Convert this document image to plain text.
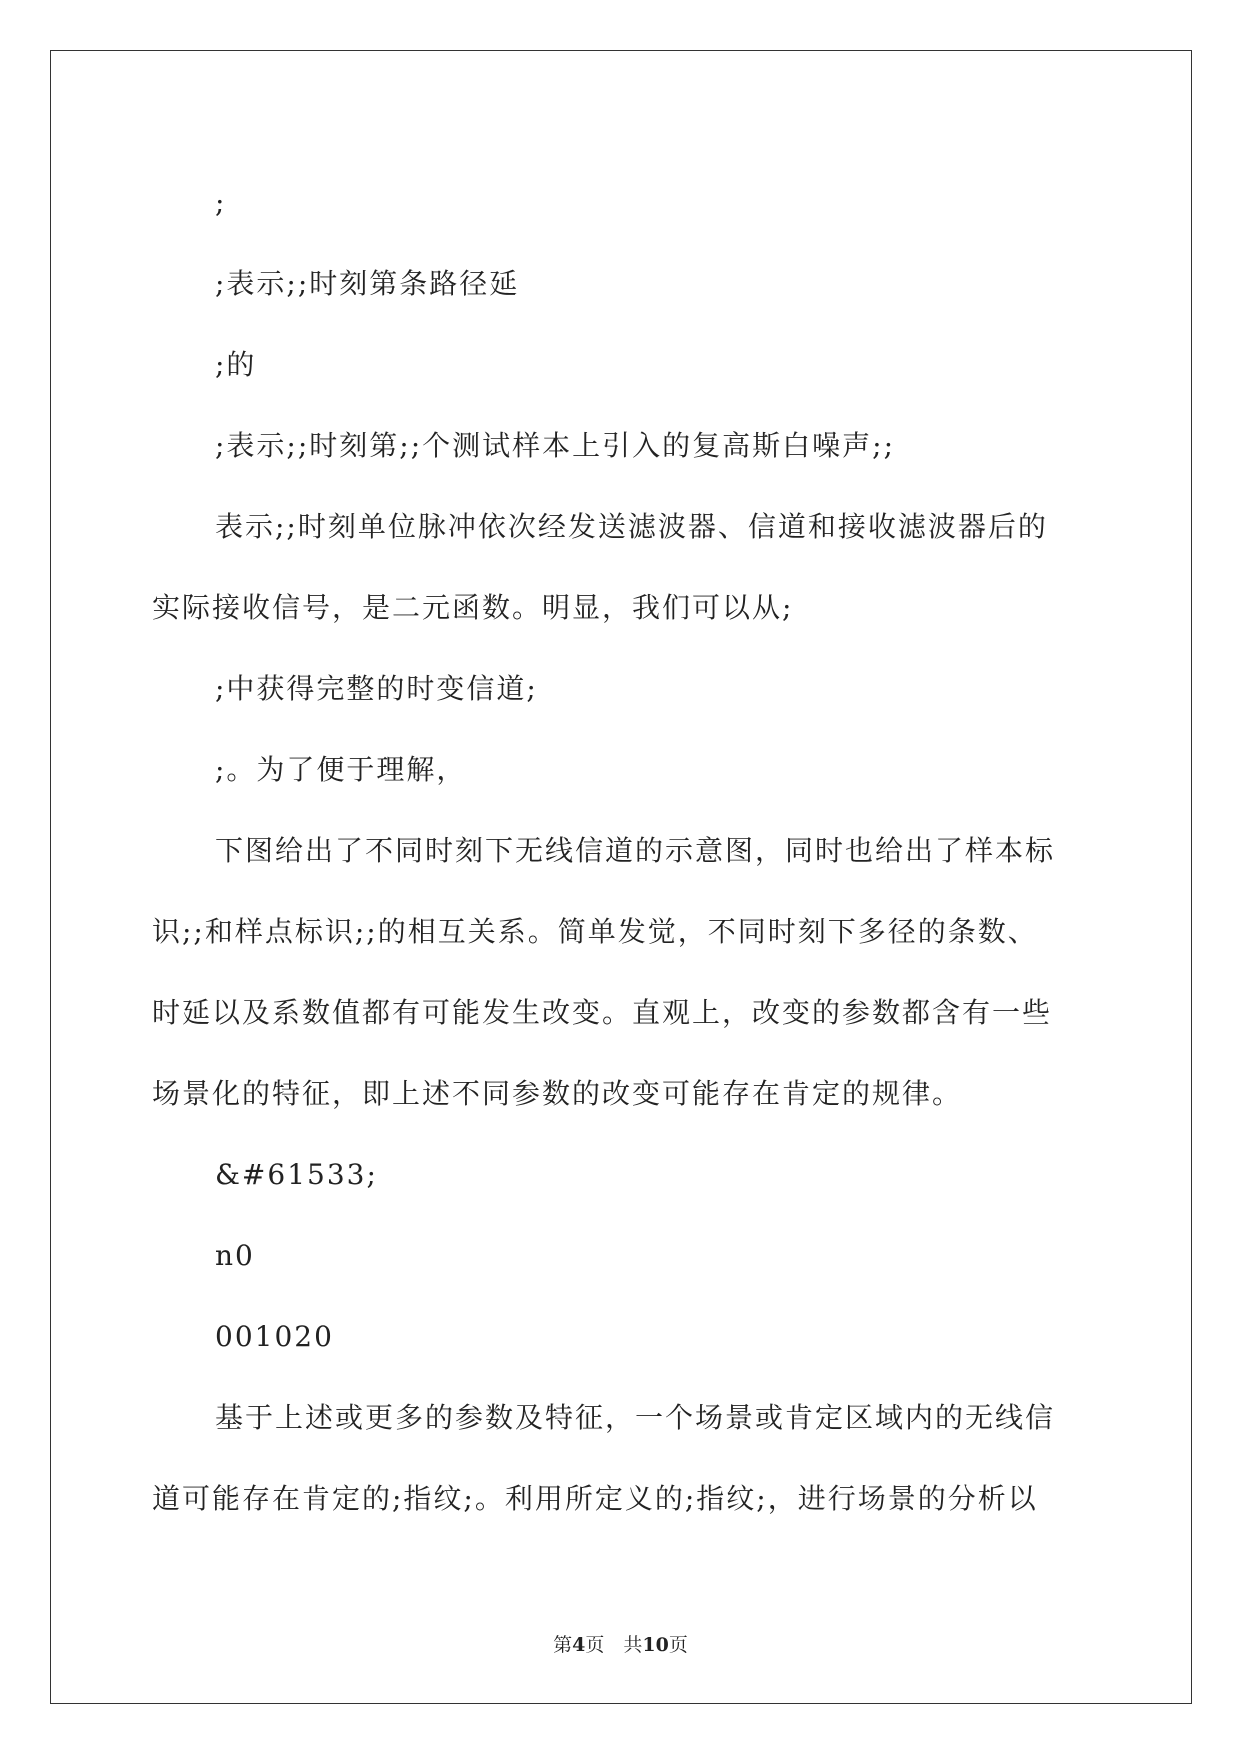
;
;表示;;时刻第条路径延
;的
;表示;;时刻第;;个测试样本上引入的复高斯白噪声;;
表示;;时刻单位脉冲依次经发送滤波器、信道和接收滤波器后的
实际接收信号，是二元函数。明显，我们可以从;
;中获得完整的时变信道;
;。为了便于理解，
下图给出了不同时刻下无线信道的示意图，同时也给出了样本标
识;;和样点标识;;的相互关系。简单发觉，不同时刻下多径的条数、
时延以及系数值都有可能发生改变。直观上，改变的参数都含有一些
场景化的特征，即上述不同参数的改变可能存在肯定的规律。
&#61533;
n0
001020
基于上述或更多的参数及特征，一个场景或肯定区域内的无线信
道可能存在肯定的;指纹;。利用所定义的;指纹;，进行场景的分析以
第4页　共10页
